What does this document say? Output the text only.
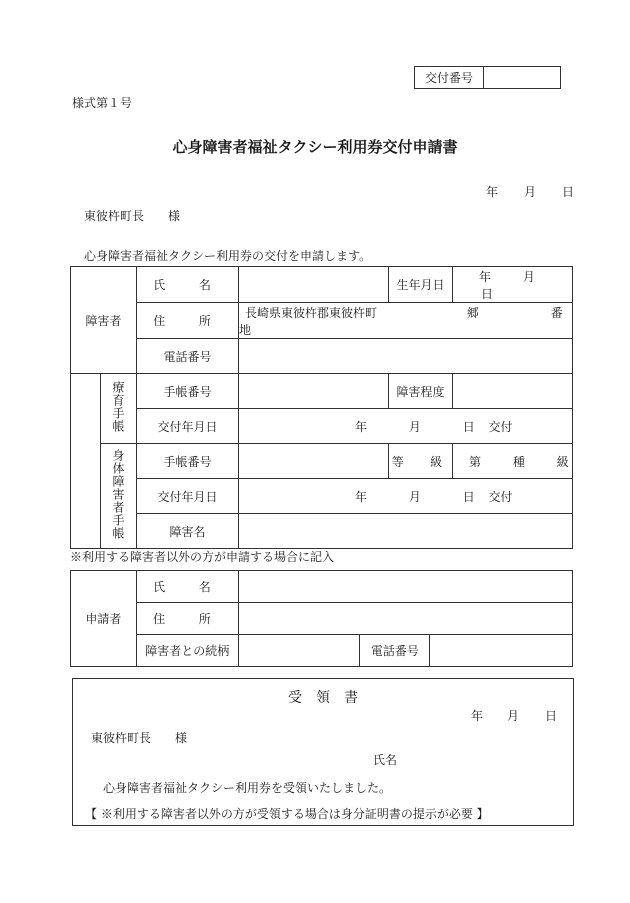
交付番号	
様式第１号
心身障害者福祉タクシー利用券交付申請書
年 月 日
東彼杵町長　　様
心身障害者福祉タクシー利用券の交付を申請します。
障害者		氏　名		生年月日	年 月 日
		住　所	長崎県東彼杵郡東彼杵町 郷 番地		
		電話番号			
	療育手帳	手帳番号		障害程度	
		交付年月日	年 月 日 交付		
	身体障害者手帳	手帳番号		等　級	第 種 級
		交付年月日	年 月 日 交付		
		障害名			
※利用する障害者以外の方が申請する場合に記入
申請者	氏　名			
	住　所			
	障害者との続柄		電話番号	
受　領　書
年 月 日
東彼杵町長　　様
氏名
心身障害者福祉タクシー利用券を受領いたしました。
【 ※利用する障害者以外の方が受領する場合は身分証明書の提示が必要 】
